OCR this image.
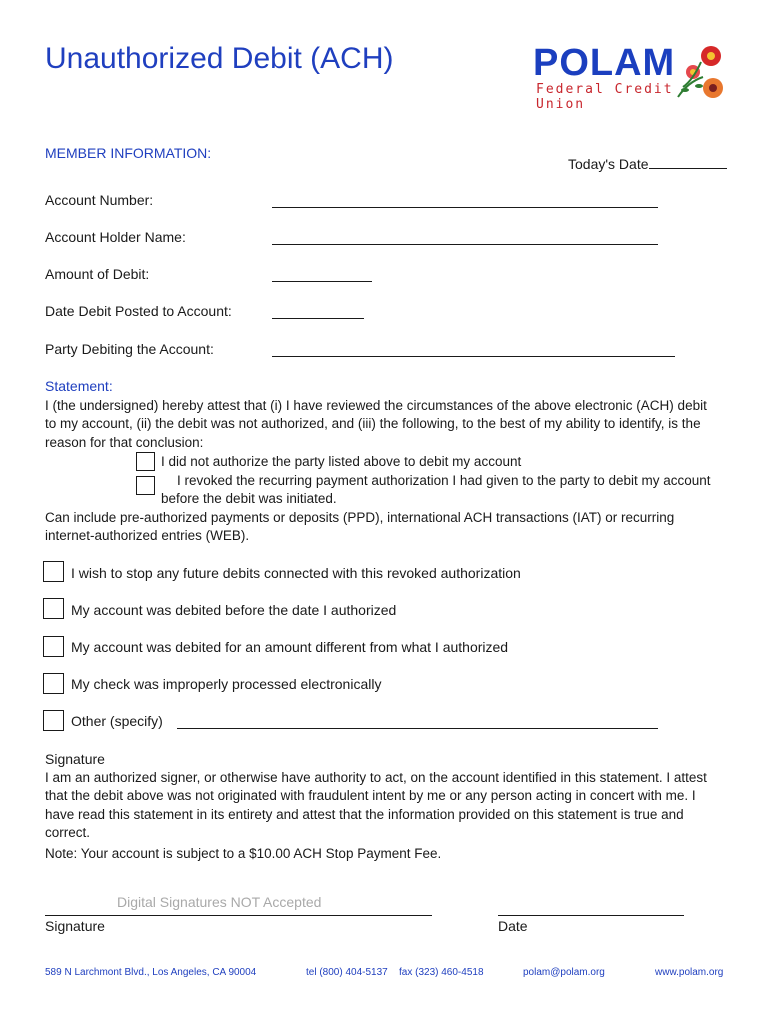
Unauthorized Debit (ACH)	POLAM
Federal Credit Union
MEMBER INFORMATION:
Today's Date
Account Number:
Account Holder Name:
Amount of Debit:
Date Debit Posted to Account:
Party Debiting the Account:
Statement:
I (the undersigned) hereby attest that (i) I have reviewed the circumstances of the above electronic (ACH) debit to my account, (ii) the debit was not authorized, and (iii) the following, to the best of my ability to identify, is the reason for that conclusion:
I did not authorize the party listed above to debit my account
I revoked the recurring payment authorization I had given to the party to debit my account before the debit was initiated.
Can include pre-authorized payments or deposits (PPD), international ACH transactions (IAT) or recurring internet-authorized entries (WEB).
I wish to stop any future debits connected with this revoked authorization
My account was debited before the date I authorized
My account was debited for an amount different from what I authorized
My check was improperly processed electronically
Other (specify)
Signature
I am an authorized signer, or otherwise have authority to act, on the account identified in this statement. I attest that the debit above was not originated with fraudulent intent by me or any person acting in concert with me. I have read this statement in its entirety and attest that the information provided on this statement is true and correct.
Note: Your account is subject to a $10.00 ACH Stop Payment Fee.
Digital Signatures NOT Accepted
Signature	Date
589 N Larchmont Blvd., Los Angeles, CA 90004	tel (800) 404-5137 fax (323) 460-4518	polam@polam.org	www.polam.org
